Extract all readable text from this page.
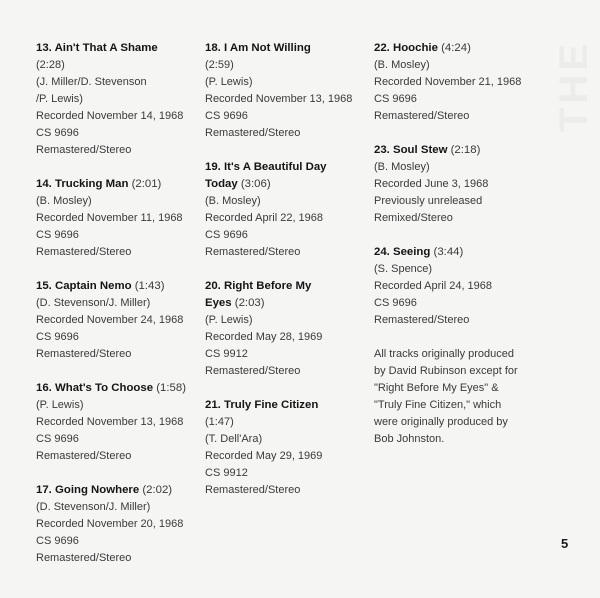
13. Ain't That A Shame
(2:28)
(J. Miller/D. Stevenson
/P. Lewis)
Recorded November 14, 1968
CS 9696
Remastered/Stereo
14. Trucking Man (2:01)
(B. Mosley)
Recorded November 11, 1968
CS 9696
Remastered/Stereo
15. Captain Nemo (1:43)
(D. Stevenson/J. Miller)
Recorded November 24, 1968
CS 9696
Remastered/Stereo
16. What's To Choose (1:58)
(P. Lewis)
Recorded November 13, 1968
CS 9696
Remastered/Stereo
17. Going Nowhere (2:02)
(D. Stevenson/J. Miller)
Recorded November 20, 1968
CS 9696
Remastered/Stereo
18. I Am Not Willing
(2:59)
(P. Lewis)
Recorded November 13, 1968
CS 9696
Remastered/Stereo
19. It's A Beautiful Day
Today (3:06)
(B. Mosley)
Recorded April 22, 1968
CS 9696
Remastered/Stereo
20. Right Before My
Eyes (2:03)
(P. Lewis)
Recorded May 28, 1969
CS 9912
Remastered/Stereo
21. Truly Fine Citizen
(1:47)
(T. Dell'Ara)
Recorded May 29, 1969
CS 9912
Remastered/Stereo
22. Hoochie (4:24)
(B. Mosley)
Recorded November 21, 1968
CS 9696
Remastered/Stereo
23. Soul Stew (2:18)
(B. Mosley)
Recorded June 3, 1968
Previously unreleased
Remixed/Stereo
24. Seeing (3:44)
(S. Spence)
Recorded April 24, 1968
CS 9696
Remastered/Stereo
All tracks originally produced by David Rubinson except for "Right Before My Eyes" & "Truly Fine Citizen," which were originally produced by Bob Johnston.
THE
5
